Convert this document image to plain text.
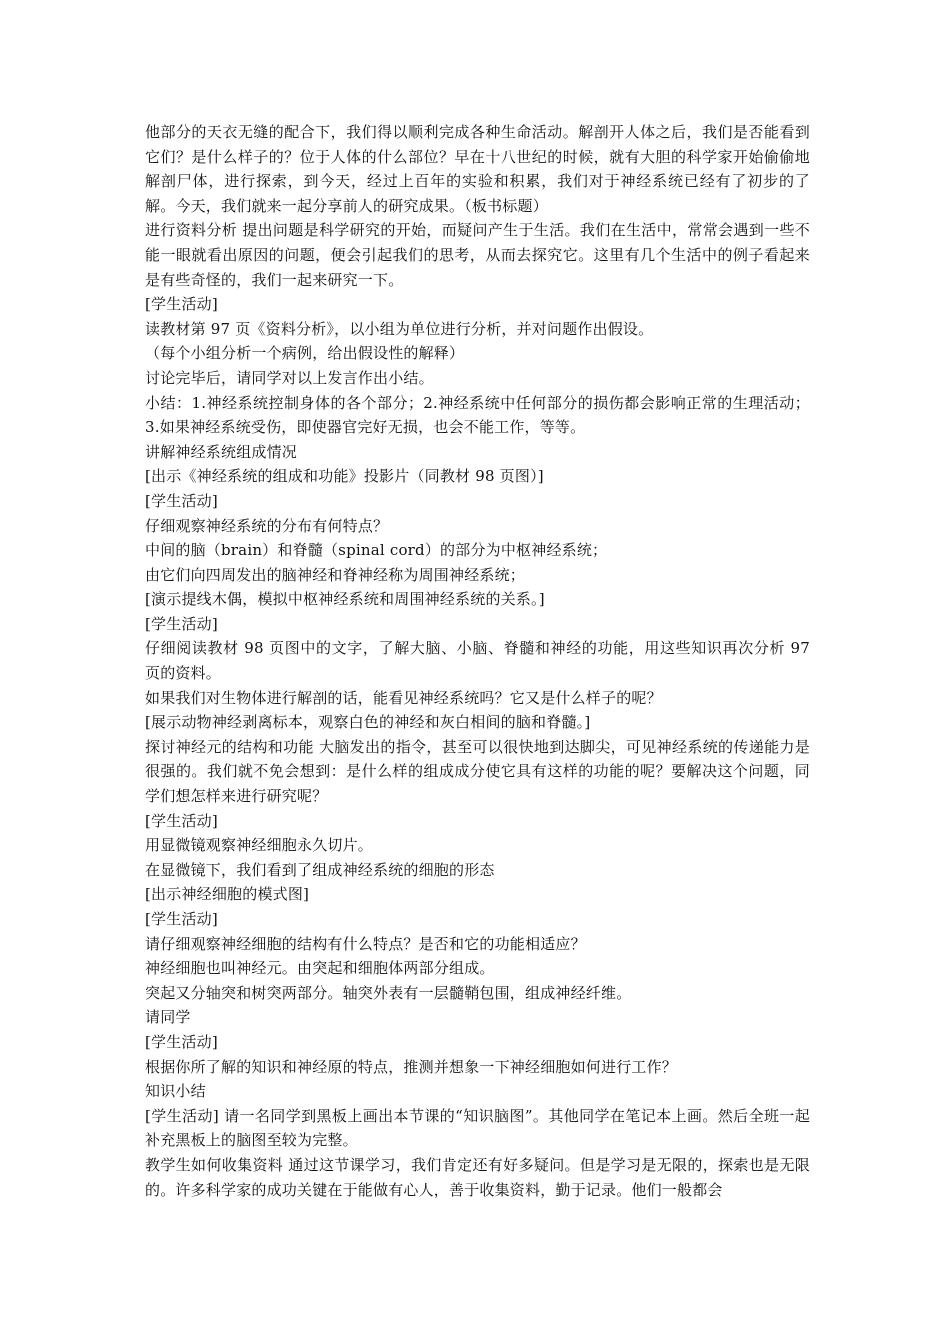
他部分的天衣无缝的配合下，我们得以顺利完成各种生命活动。解剖开人体之后，我们是否能看到它们？是什么样子的？位于人体的什么部位？早在十八世纪的时候，就有大胆的科学家开始偷偷地解剖尸体，进行探索，到今天，经过上百年的实验和积累，我们对于神经系统已经有了初步的了解。今天，我们就来一起分享前人的研究成果。（板书标题）

进行资料分析 提出问题是科学研究的开始，而疑问产生于生活。我们在生活中，常常会遇到一些不能一眼就看出原因的问题，便会引起我们的思考，从而去探究它。这里有几个生活中的例子看起来是有些奇怪的，我们一起来研究一下。

[学生活动]

读教材第 97 页《资料分析》，以小组为单位进行分析，并对问题作出假设。

（每个小组分析一个病例，给出假设性的解释）

讨论完毕后，请同学对以上发言作出小结。

小结：1.神经系统控制身体的各个部分；2.神经系统中任何部分的损伤都会影响正常的生理活动；3.如果神经系统受伤，即使器官完好无损，也会不能工作，等等。

讲解神经系统组成情况

[出示《神经系统的组成和功能》投影片（同教材 98 页图）]

[学生活动]

仔细观察神经系统的分布有何特点？

中间的脑（brain）和脊髓（spinal cord）的部分为中枢神经系统；

由它们向四周发出的脑神经和脊神经称为周围神经系统；

[演示提线木偶，模拟中枢神经系统和周围神经系统的关系。]

[学生活动]

仔细阅读教材 98 页图中的文字，了解大脑、小脑、脊髓和神经的功能，用这些知识再次分析 97 页的资料。

如果我们对生物体进行解剖的话，能看见神经系统吗？它又是什么样子的呢？

[展示动物神经剥离标本，观察白色的神经和灰白相间的脑和脊髓。]

探讨神经元的结构和功能 大脑发出的指令，甚至可以很快地到达脚尖，可见神经系统的传递能力是很强的。我们就不免会想到：是什么样的组成成分使它具有这样的功能的呢？要解决这个问题，同学们想怎样来进行研究呢？

[学生活动]

用显微镜观察神经细胞永久切片。

在显微镜下，我们看到了组成神经系统的细胞的形态

[出示神经细胞的模式图]

[学生活动]

请仔细观察神经细胞的结构有什么特点？是否和它的功能相适应？

神经细胞也叫神经元。由突起和细胞体两部分组成。

突起又分轴突和树突两部分。轴突外表有一层髓鞘包围，组成神经纤维。

请同学

[学生活动]

根据你所了解的知识和神经原的特点，推测并想象一下神经细胞如何进行工作？

知识小结

[学生活动] 请一名同学到黑板上画出本节课的“知识脑图”。其他同学在笔记本上画。然后全班一起补充黑板上的脑图至较为完整。

教学生如何收集资料 通过这节课学习，我们肯定还有好多疑问。但是学习是无限的，探索也是无限的。许多科学家的成功关键在于能做有心人，善于收集资料，勤于记录。他们一般都会
